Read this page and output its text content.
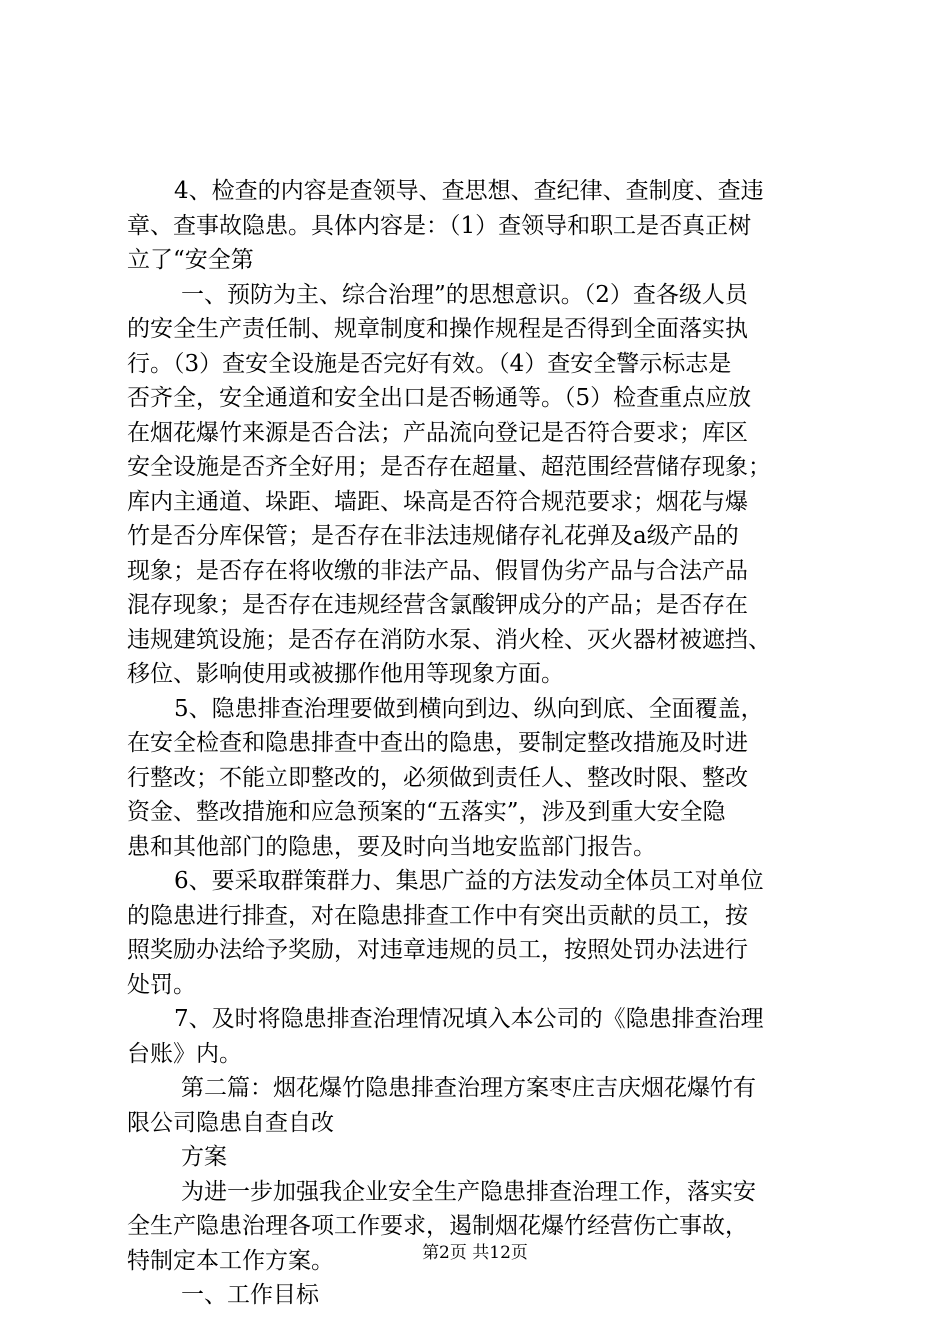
4、检查的内容是查领导、查思想、查纪律、查制度、查违
章、查事故隐患。具体内容是：（1）查领导和职工是否真正树
立了“安全第
一、预防为主、综合治理”的思想意识。（2）查各级人员
的安全生产责任制、规章制度和操作规程是否得到全面落实执
行。（3）查安全设施是否完好有效。（4）查安全警示标志是
否齐全，安全通道和安全出口是否畅通等。（5）检查重点应放
在烟花爆竹来源是否合法；产品流向登记是否符合要求；库区
安全设施是否齐全好用；是否存在超量、超范围经营储存现象；
库内主通道、垛距、墙距、垛高是否符合规范要求；烟花与爆
竹是否分库保管；是否存在非法违规储存礼花弹及a级产品的
现象；是否存在将收缴的非法产品、假冒伪劣产品与合法产品
混存现象；是否存在违规经营含氯酸钾成分的产品；是否存在
违规建筑设施；是否存在消防水泵、消火栓、灭火器材被遮挡、
移位、影响使用或被挪作他用等现象方面。
5、隐患排查治理要做到横向到边、纵向到底、全面覆盖，
在安全检查和隐患排查中查出的隐患，要制定整改措施及时进
行整改；不能立即整改的，必须做到责任人、整改时限、整改
资金、整改措施和应急预案的“五落实”，涉及到重大安全隐
患和其他部门的隐患，要及时向当地安监部门报告。
6、要采取群策群力、集思广益的方法发动全体员工对单位
的隐患进行排查，对在隐患排查工作中有突出贡献的员工，按
照奖励办法给予奖励，对违章违规的员工，按照处罚办法进行
处罚。
7、及时将隐患排查治理情况填入本公司的《隐患排查治理
台账》内。
第二篇：烟花爆竹隐患排查治理方案枣庄吉庆烟花爆竹有
限公司隐患自查自改
方案
为进一步加强我企业安全生产隐患排查治理工作，落实安
全生产隐患治理各项工作要求，遏制烟花爆竹经营伤亡事故，
特制定本工作方案。
一、工作目标
第2页 共12页
